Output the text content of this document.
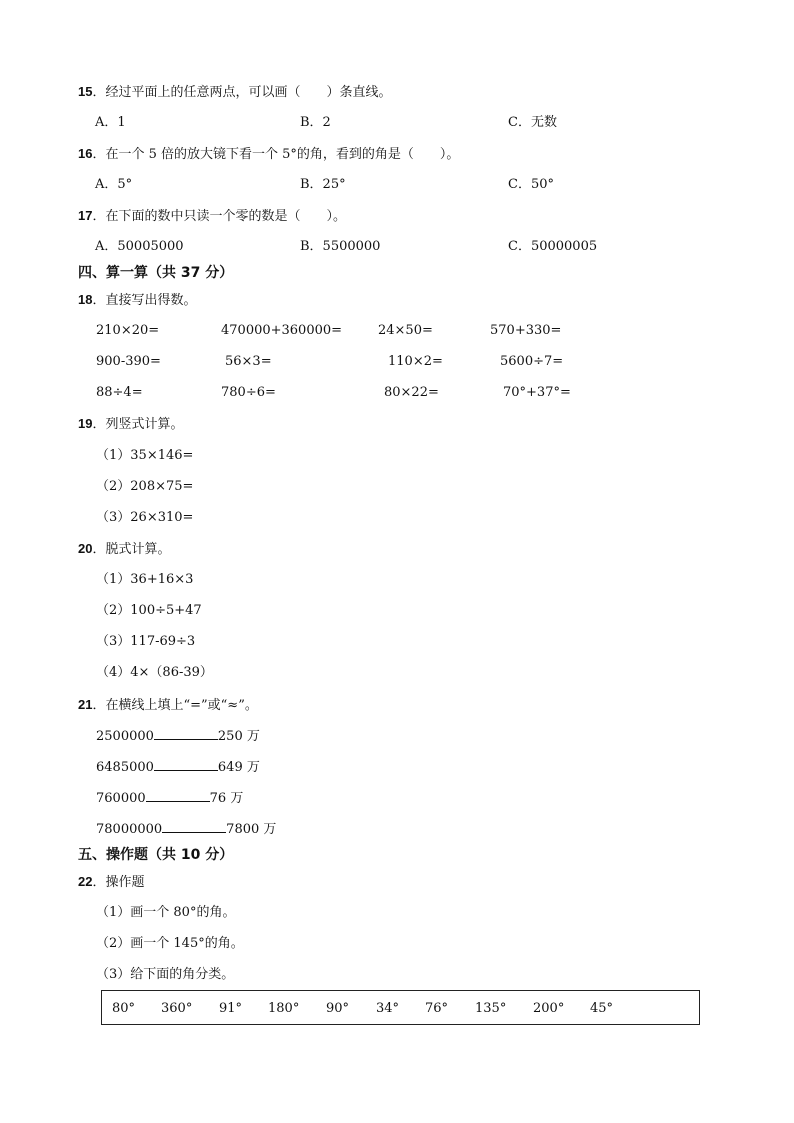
15．经过平面上的任意两点，可以画（　　）条直线。
A．1	B．2	C．无数
16．在一个 5 倍的放大镜下看一个 5°的角，看到的角是（　　）。
A．5°	B．25°	C．50°
17．在下面的数中只读一个零的数是（　　）。
A．50005000	B．5500000	C．50000005
四、算一算（共 37 分）
18．直接写出得数。
210×20=	470000+360000=	24×50=	570+330=
900-390=	56×3=	110×2=	5600÷7=
88÷4=	780÷6=	80×22=	70°+37°=
19．列竖式计算。
（1）35×146=
（2）208×75=
（3）26×310=
20．脱式计算。
（1）36+16×3
（2）100÷5+47
（3）117-69÷3
（4）4×（86-39）
21．在横线上填上“=”或“≈”。
2500000	250 万
6485000	649 万
760000	76 万
78000000	7800 万
五、操作题（共 10 分）
22．操作题
（1）画一个 80°的角。
（2）画一个 145°的角。
（3）给下面的角分类。
80° 360° 91° 180° 90° 34° 76° 135° 200° 45°
